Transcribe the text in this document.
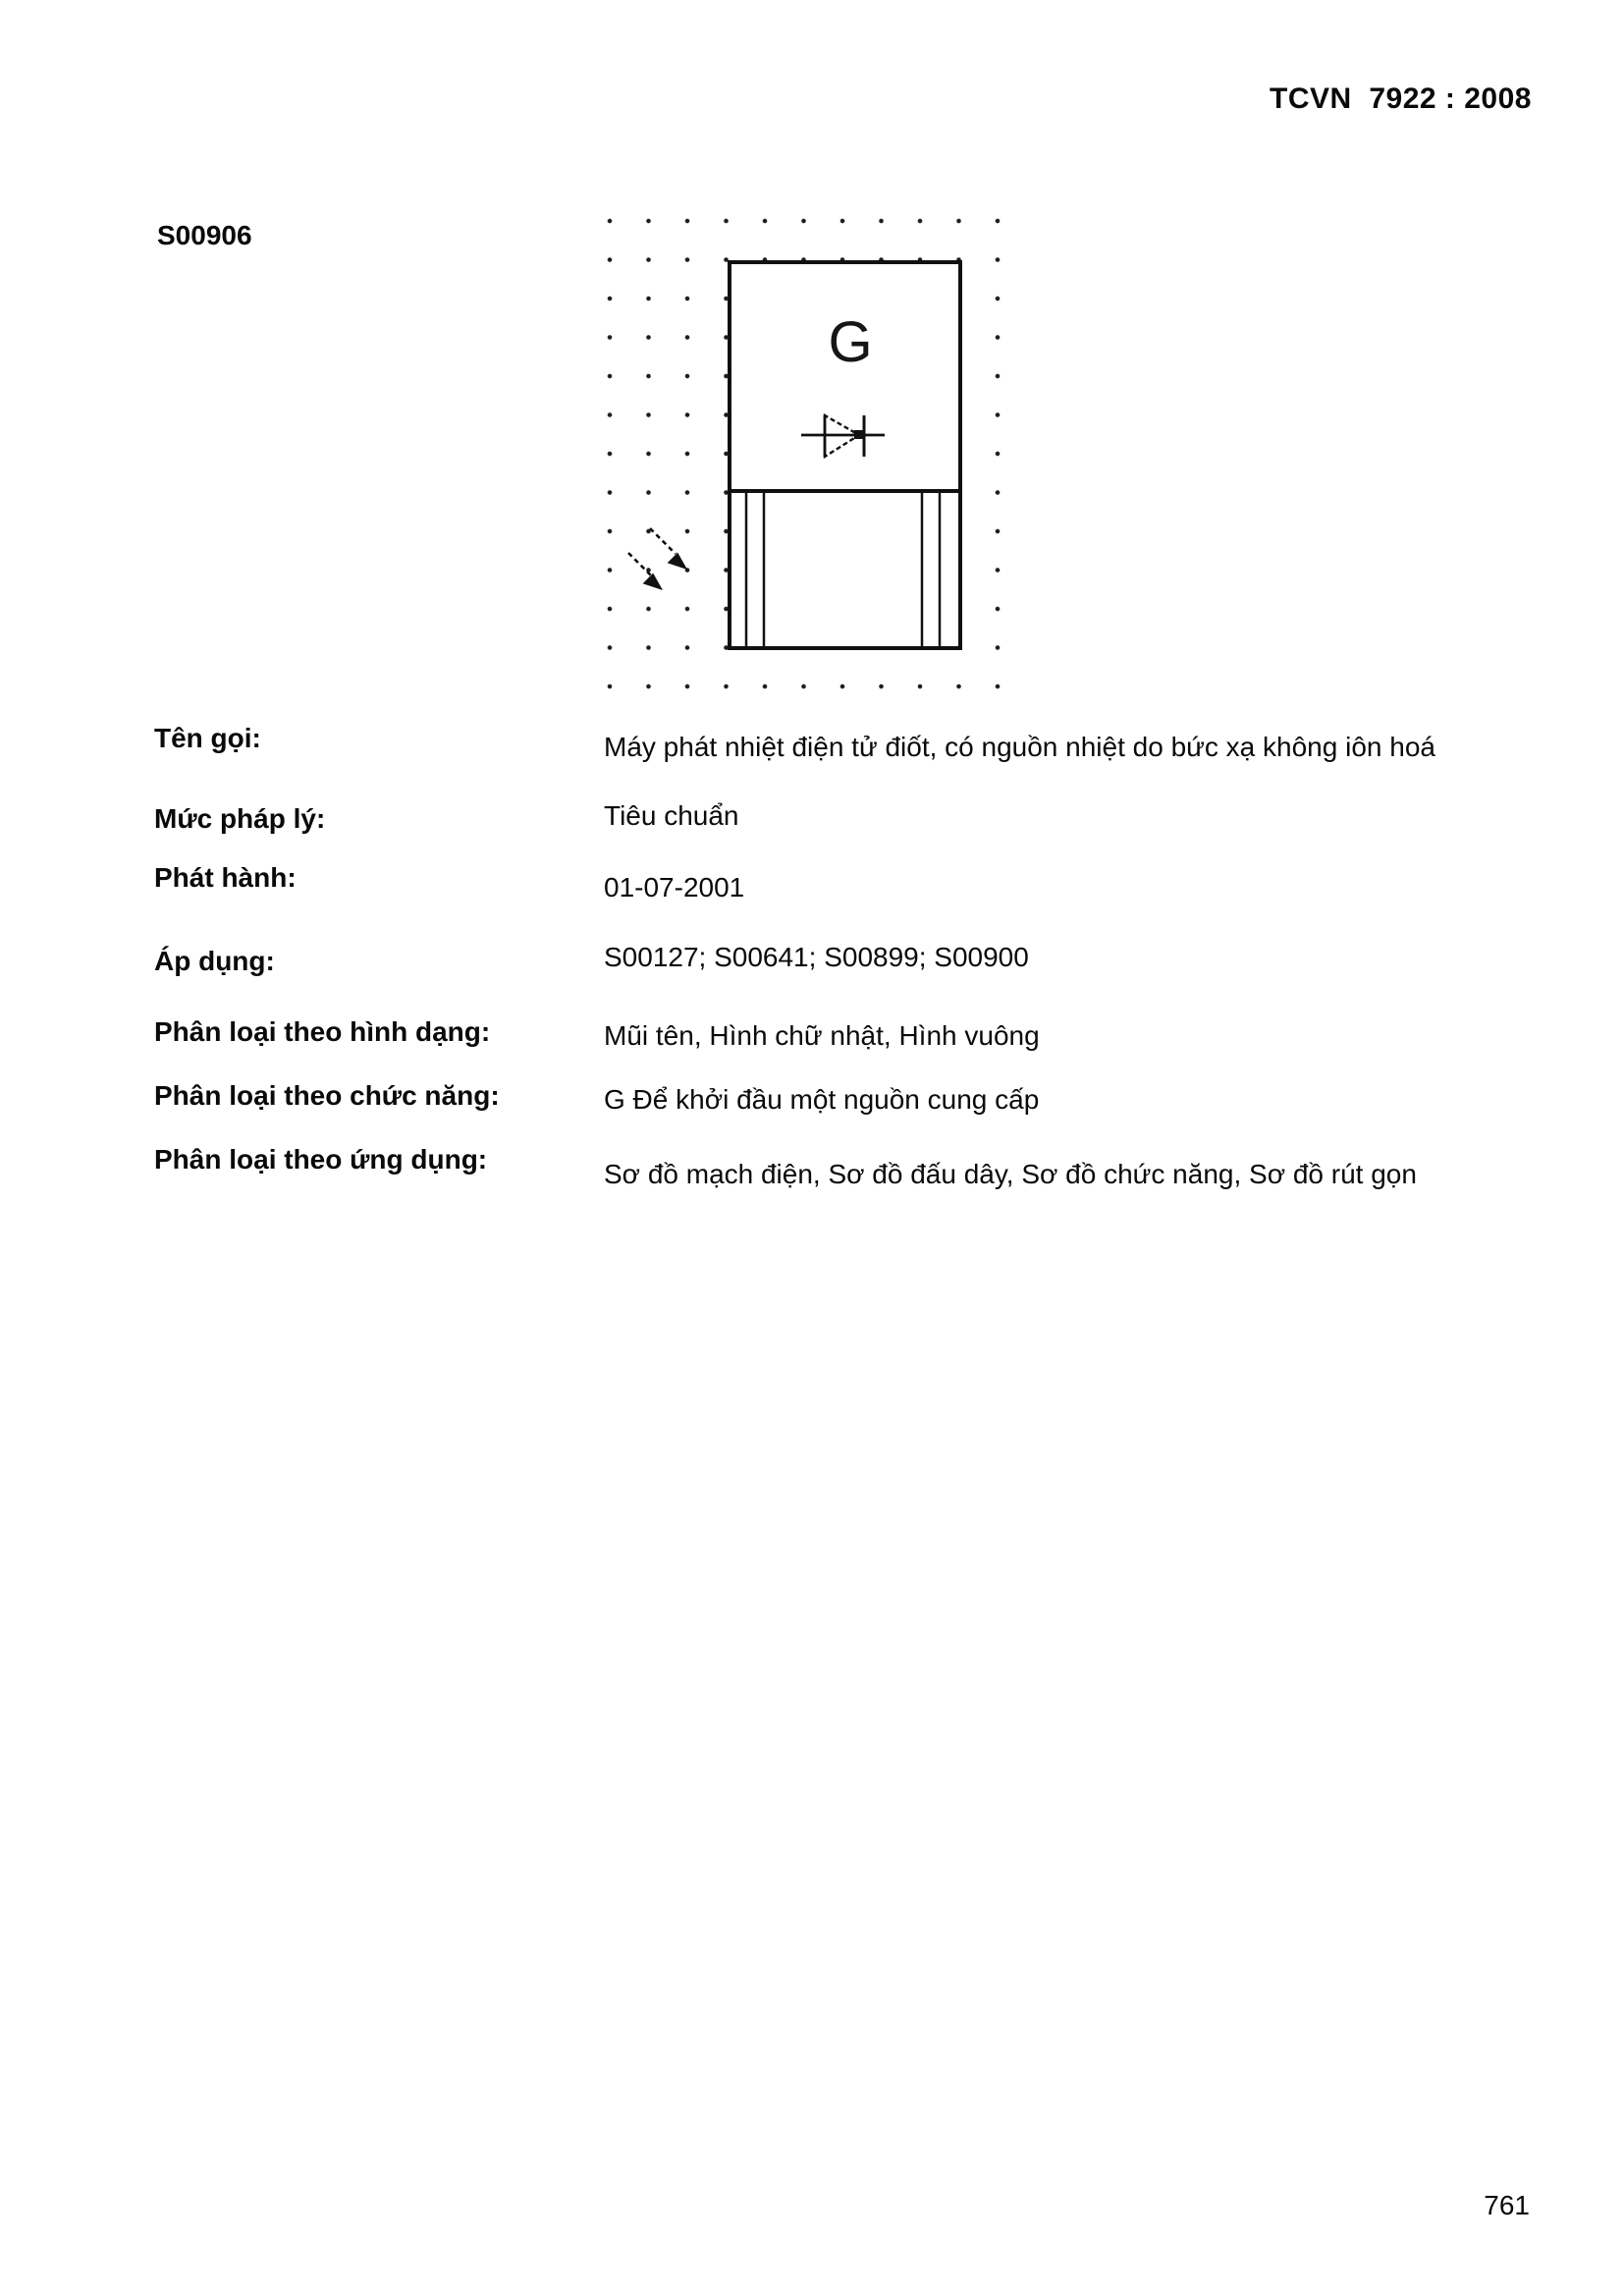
TCVN  7922 : 2008
S00906
G
Tên gọi:	Máy phát nhiệt điện tử điốt, có nguồn nhiệt do bức xạ không iôn hoá
Mức pháp lý:	Tiêu chuẩn
Phát hành:	01-07-2001
Áp dụng:	S00127; S00641; S00899; S00900
Phân loại theo hình dạng:	Mũi tên, Hình chữ nhật, Hình vuông
Phân loại theo chức năng:	G Để khởi đầu một nguồn cung cấp
Phân loại theo ứng dụng:	Sơ đồ mạch điện, Sơ đồ đấu dây, Sơ đồ chức năng, Sơ đồ rút gọn
761
